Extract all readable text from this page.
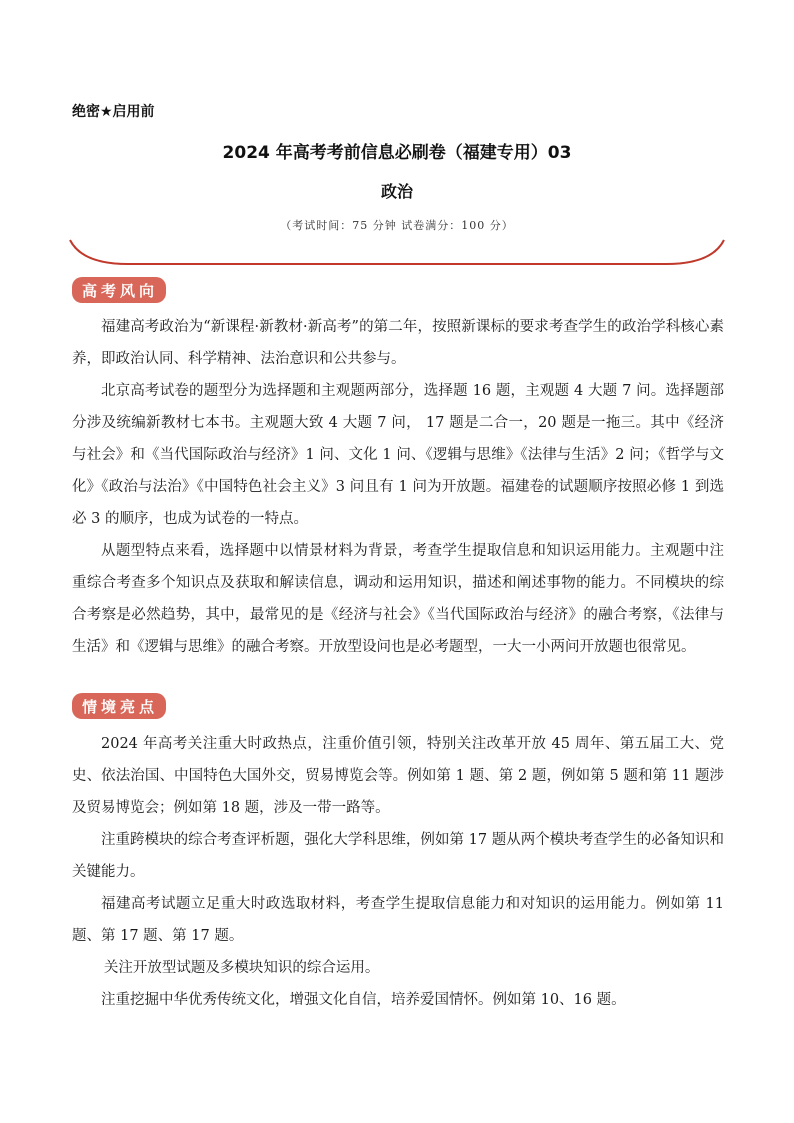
绝密★启用前
2024 年高考考前信息必刷卷（福建专用）03
政治
（考试时间：75 分钟 试卷满分：100 分）
高考风向

福建高考政治为“新课程·新教材·新高考”的第二年，按照新课标的要求考查学生的政治学科核心素养，即政治认同、科学精神、法治意识和公共参与。

北京高考试卷的题型分为选择题和主观题两部分，选择题 16 题，主观题 4 大题 7 问。选择题部分涉及统编新教材七本书。主观题大致 4 大题 7 问， 17 题是二合一，20 题是一拖三。其中《经济与社会》和《当代国际政治与经济》1 问、文化 1 问、《逻辑与思维》《法律与生活》2 问；《哲学与文化》《政治与法治》《中国特色社会主义》3 问且有 1 问为开放题。福建卷的试题顺序按照必修 1 到选必 3 的顺序，也成为试卷的一特点。

从题型特点来看，选择题中以情景材料为背景，考查学生提取信息和知识运用能力。主观题中注重综合考查多个知识点及获取和解读信息，调动和运用知识，描述和阐述事物的能力。不同模块的综合考察是必然趋势，其中，最常见的是《经济与社会》《当代国际政治与经济》的融合考察，《法律与生活》和《逻辑与思维》的融合考察。开放型设问也是必考题型，一大一小两问开放题也很常见。

情境亮点

2024 年高考关注重大时政热点，注重价值引领，特别关注改革开放 45 周年、第五届工大、党史、依法治国、中国特色大国外交，贸易博览会等。例如第 1 题、第 2 题，例如第 5 题和第 11 题涉及贸易博览会；例如第 18 题，涉及一带一路等。

注重跨模块的综合考查评析题，强化大学科思维，例如第 17 题从两个模块考查学生的必备知识和关键能力。

福建高考试题立足重大时政选取材料，考查学生提取信息能力和对知识的运用能力。例如第 11 题、第 17 题、第 17 题。

关注开放型试题及多模块知识的综合运用。

注重挖掘中华优秀传统文化，增强文化自信，培养爱国情怀。例如第 10、16 题。
